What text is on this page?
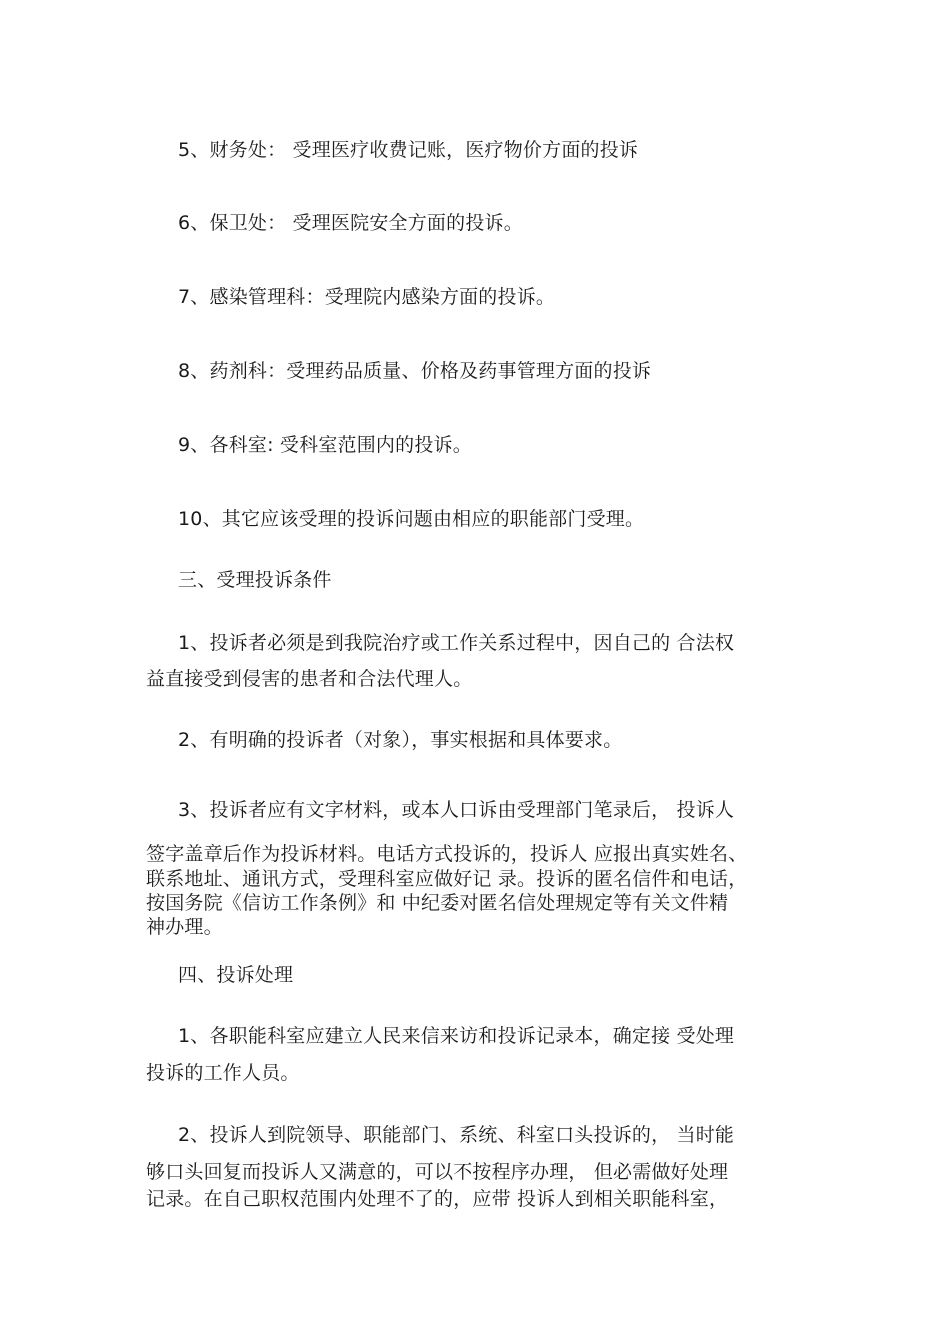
5、财务处： 受理医疗收费记账，医疗物价方面的投诉
6、保卫处： 受理医院安全方面的投诉。
7、感染管理科：受理院内感染方面的投诉。
8、药剂科：受理药品质量、价格及药事管理方面的投诉
9、各科室: 受科室范围内的投诉。
10、其它应该受理的投诉问题由相应的职能部门受理。
三、受理投诉条件
1、投诉者必须是到我院治疗或工作关系过程中，因自己的 合法权
益直接受到侵害的患者和合法代理人。
2、有明确的投诉者（对象），事实根据和具体要求。
3、投诉者应有文字材料，或本人口诉由受理部门笔录后， 投诉人
签字盖章后作为投诉材料。电话方式投诉的，投诉人 应报出真实姓名、
联系地址、通讯方式，受理科室应做好记 录。投诉的匿名信件和电话，
按国务院《信访工作条例》和 中纪委对匿名信处理规定等有关文件精
神办理。
四、投诉处理
1、各职能科室应建立人民来信来访和投诉记录本，确定接 受处理
投诉的工作人员。
2、投诉人到院领导、职能部门、系统、科室口头投诉的， 当时能
够口头回复而投诉人又满意的，可以不按程序办理， 但必需做好处理
记录。在自己职权范围内处理不了的，应带 投诉人到相关职能科室，
